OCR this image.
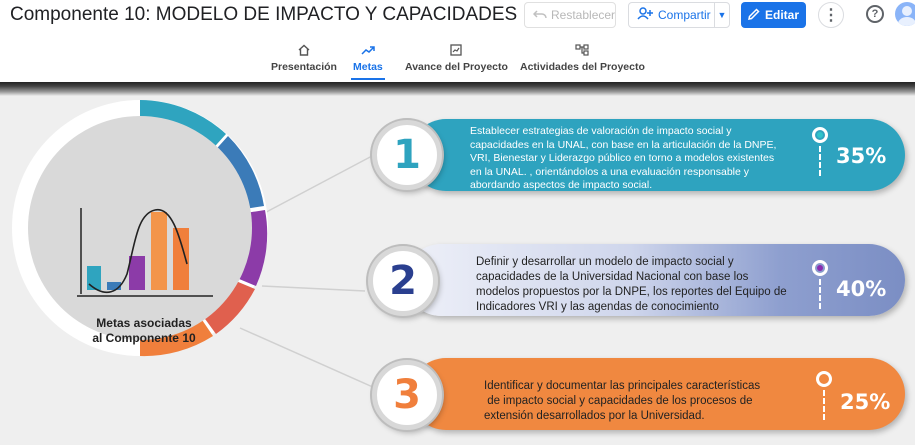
Componente 10: MODELO DE IMPACTO Y CAPACIDADES	Restablecer	Compartir ▼	Editar	⋮	?
Presentación Metas Avance del Proyecto Actividades del Proyecto
Metas asociadas
al Componente 10
1
Establecer estrategias de valoración de impacto social y
capacidades en la UNAL, con base en la articulación de la DNPE,
VRI, Bienestar y Liderazgo público en torno a modelos existentes
en la UNAL. , orientándolos a una evaluación responsable y
abordando aspectos de impacto social.
35%
2	Definir y desarrollar un modelo de impacto social y
capacidades de la Universidad Nacional con base los
modelos propuestos por la DNPE, los reportes del Equipo de
Indicadores VRI y las agendas de conocimiento
40%
3	Identificar y documentar las principales características
de impacto social y capacidades de los procesos de
extensión desarrollados por la Universidad.
25%
